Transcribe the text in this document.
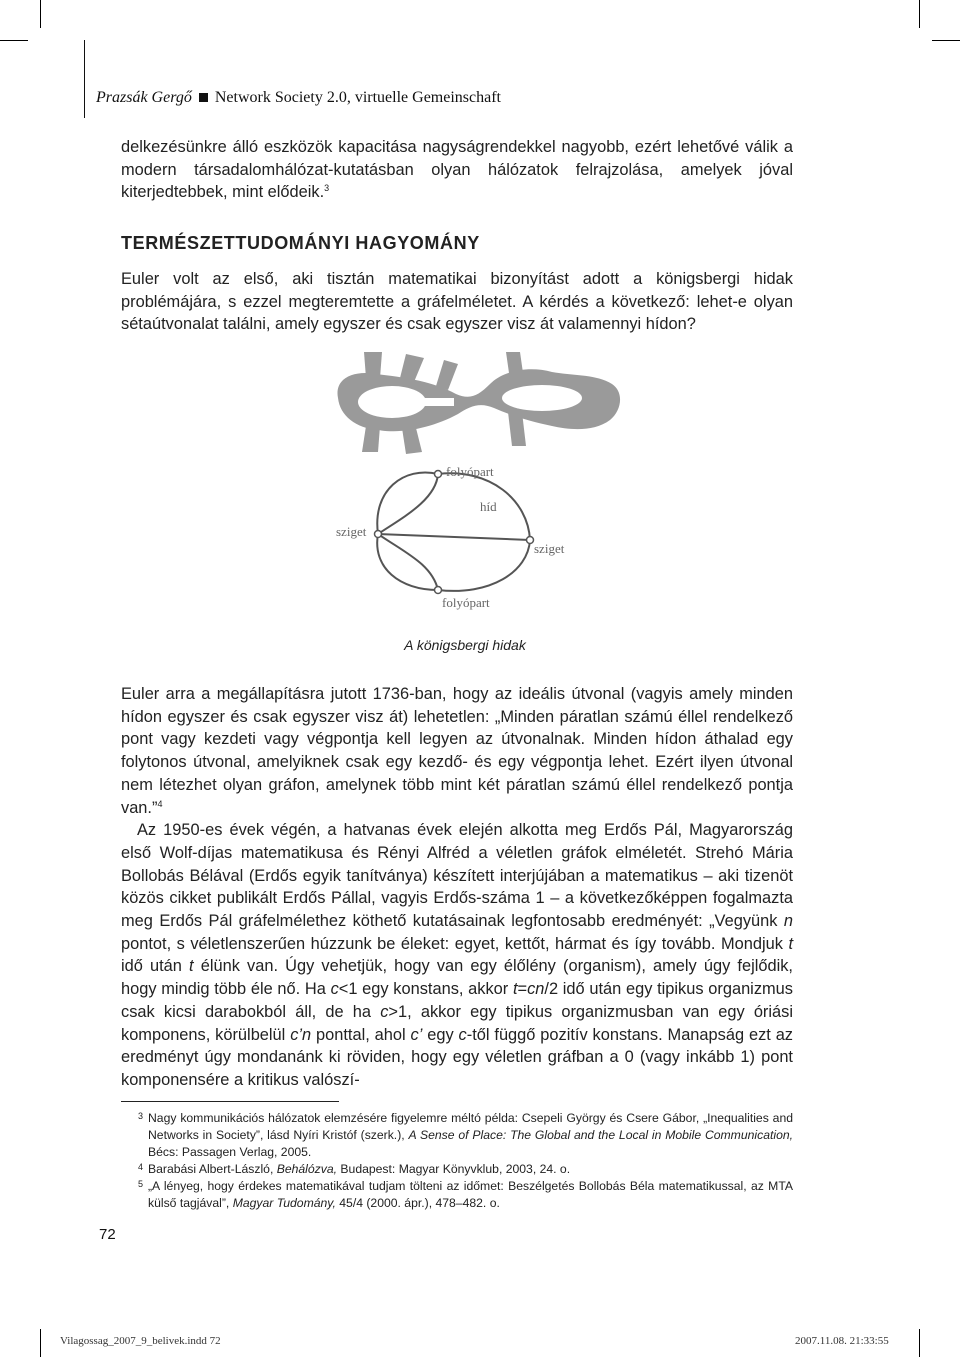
Prazsák Gergő Network Society 2.0, virtuelle Gemeinschaft

delkezésünkre álló eszközök kapacitása nagyságrendekkel nagyobb, ezért lehetővé válik a modern társadalomhálózat-kutatásban olyan hálózatok felrajzolása, amelyek jóval kiterjedtebbek, mint elődeik.$^3$

TERMÉSZETTUDOMÁNYI HAGYOMÁNY

Euler volt az első, aki tisztán matematikai bizonyítást adott a königsbergi hidak problémájára, s ezzel megteremtette a gráfelméletet. A kérdés a következő: lehet-e olyan sétaútvonalat találni, amely egyszer és csak egyszer visz át valamennyi hídon?

folyópart
híd
sziget
sziget
folyópart
A königsbergi hidak

Euler arra a megállapításra jutott 1736-ban, hogy az ideális útvonal (vagyis amely minden hídon egyszer és csak egyszer visz át) lehetetlen: „Minden páratlan számú éllel rendelkező pont vagy kezdeti vagy végpontja kell legyen az útvonalnak. Minden hídon áthalad egy folytonos útvonal, amelyiknek csak egy kezdő- és egy végpontja lehet. Ezért ilyen útvonal nem létezhet olyan gráfon, amelynek több mint két páratlan számú éllel rendelkező pontja van.”$^4$

Az 1950-es évek végén, a hatvanas évek elején alkotta meg Erdős Pál, Magyarország első Wolf-díjas matematikusa és Rényi Alfréd a véletlen gráfok elméletét. Strehó Mária Bollobás Bélával (Erdős egyik tanítványa) készített interjújában a matematikus – aki tizenöt közös cikket publikált Erdős Pállal, vagyis Erdős-száma 1 – a következőképpen fogalmazta meg Erdős Pál gráfelmélethez köthető kutatásainak legfontosabb eredményét: „Vegyünk n pontot, s véletlenszerűen húzzunk be éleket: egyet, kettőt, hármat és így tovább. Mondjuk t idő után t élünk van. Úgy vehetjük, hogy van egy élőlény (organism), amely úgy fejlődik, hogy mindig több éle nő. Ha c<1 egy konstans, akkor t=cn/2 idő után egy tipikus organizmus csak kicsi darabokból áll, de ha c>1, akkor egy tipikus organizmusban van egy óriási komponens, körülbelül c’n ponttal, ahol c’ egy c-től függő pozitív konstans. Manapság ezt az eredményt úgy mondanánk ki röviden, hogy egy véletlen gráfban a 0 (vagy inkább 1) pont komponensére a kritikus valószí-

3 Nagy kommunikációs hálózatok elemzésére figyelemre méltó példa: Csepeli György és Csere Gábor, „Inequalities and Networks in Society”, lásd Nyíri Kristóf (szerk.), A Sense of Place: The Global and the Local in Mobile Communication, Bécs: Passagen Verlag, 2005.
4 Barabási Albert-László, Behálózva, Budapest: Magyar Könyvklub, 2003, 24. o.
5 „A lényeg, hogy érdekes matematikával tudjam tölteni az időmet: Beszélgetés Bollobás Béla matematikussal, az MTA külső tagjával”, Magyar Tudomány, 45/4 (2000. ápr.), 478–482. o.
72
Vilagossag_2007_9_belivek.indd 72	2007.11.08. 21:33:55
